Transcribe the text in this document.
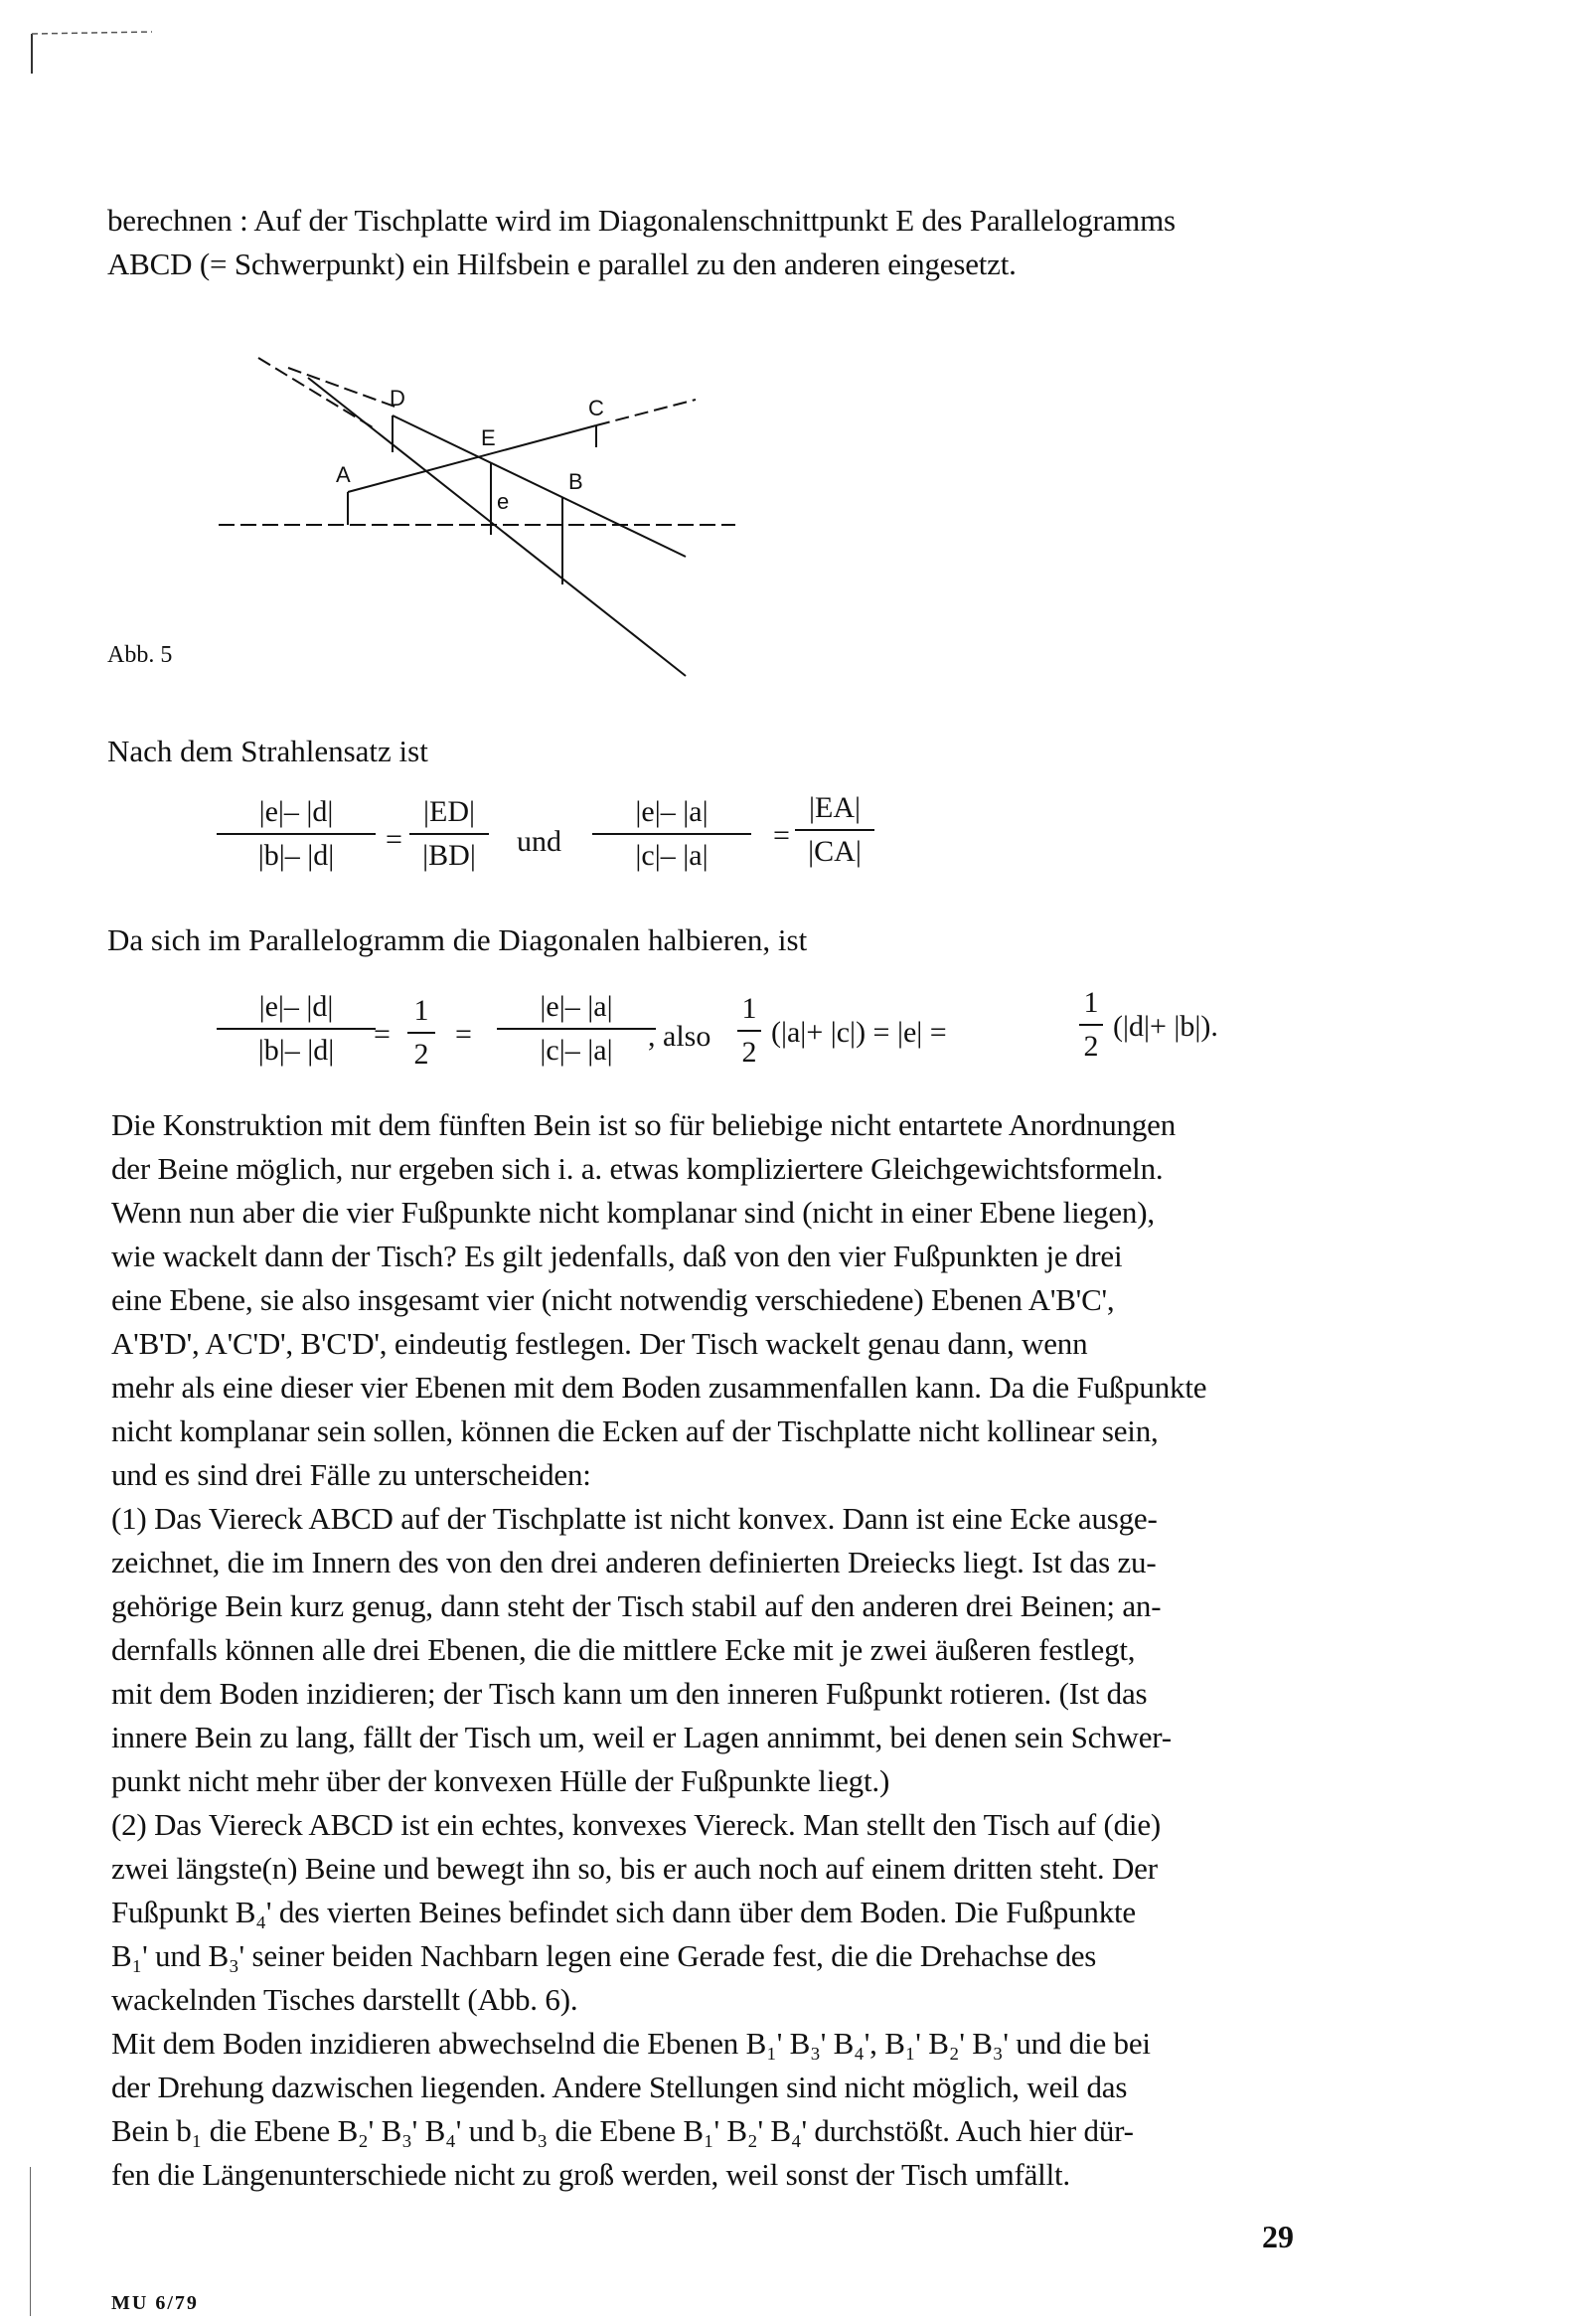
berechnen : Auf der Tischplatte wird im Diagonalenschnittpunkt E des Parallelogramms
ABCD (= Schwerpunkt) ein Hilfsbein e parallel zu den anderen eingesetzt.
D	C
E
A	B
e
Abb. 5
Nach dem Strahlensatz ist
|e|– |d|
|b|– |d|	=
|ED|
|BD|	und
|e|– |a|
|c|– |a|
=
|EA|
|CA|
Da sich im Parallelogramm die Diagonalen halbieren, ist
|e|– |d|
|b|– |d|	=
1
2
=
|e|– |a|
|c|– |a|	, also
1
2
(|a|+ |c|) = |e| =
1
2
(|d|+ |b|).

Die Konstruktion mit dem fünften Bein ist so für beliebige nicht entartete Anordnungen

der Beine möglich, nur ergeben sich i. a. etwas kompliziertere Gleichgewichtsformeln.

Wenn nun aber die vier Fußpunkte nicht komplanar sind (nicht in einer Ebene liegen),

wie wackelt dann der Tisch? Es gilt jedenfalls, daß von den vier Fußpunkten je drei

eine Ebene, sie also insgesamt vier (nicht notwendig verschiedene) Ebenen A'B'C',

A'B'D', A'C'D', B'C'D', eindeutig festlegen. Der Tisch wackelt genau dann, wenn

mehr als eine dieser vier Ebenen mit dem Boden zusammenfallen kann. Da die Fußpunkte

nicht komplanar sein sollen, können die Ecken auf der Tischplatte nicht kollinear sein,

und es sind drei Fälle zu unterscheiden:

(1) Das Viereck ABCD auf der Tischplatte ist nicht konvex. Dann ist eine Ecke ausge-

zeichnet, die im Innern des von den drei anderen definierten Dreiecks liegt. Ist das zu-

gehörige Bein kurz genug, dann steht der Tisch stabil auf den anderen drei Beinen; an-

dernfalls können alle drei Ebenen, die die mittlere Ecke mit je zwei äußeren festlegt,

mit dem Boden inzidieren; der Tisch kann um den inneren Fußpunkt rotieren. (Ist das

innere Bein zu lang, fällt der Tisch um, weil er Lagen annimmt, bei denen sein Schwer-

punkt nicht mehr über der konvexen Hülle der Fußpunkte liegt.)

(2) Das Viereck ABCD ist ein echtes, konvexes Viereck. Man stellt den Tisch auf (die)

zwei längste(n) Beine und bewegt ihn so, bis er auch noch auf einem dritten steht. Der

Fußpunkt B₄' des vierten Beines befindet sich dann über dem Boden. Die Fußpunkte

B₁' und B₃' seiner beiden Nachbarn legen eine Gerade fest, die die Drehachse des

wackelnden Tisches darstellt (Abb. 6).

Mit dem Boden inzidieren abwechselnd die Ebenen B₁' B₃' B₄', B₁' B₂' B₃' und die bei

der Drehung dazwischen liegenden. Andere Stellungen sind nicht möglich, weil das

Bein b₁ die Ebene B₂' B₃' B₄' und b₃ die Ebene B₁' B₂' B₄' durchstößt. Auch hier dür-

fen die Längenunterschiede nicht zu groß werden, weil sonst der Tisch umfällt.

29
MU 6/79
